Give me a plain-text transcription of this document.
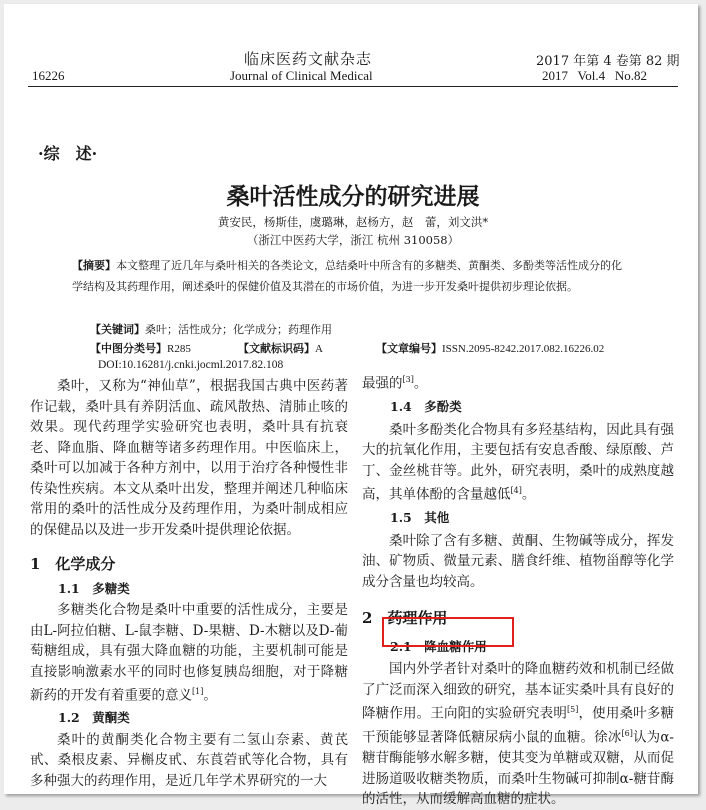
临床医药文献杂志
Journal of Clinical Medical
16226
2017 年第 4 卷第 82 期
2017   Vol.4   No.82
·综　述·
桑叶活性成分的研究进展
黄安民，杨斯佳，虞璐琳，赵杨方，赵　蕾，刘文洪*
（浙江中医药大学，浙江 杭州 310058）
【摘要】本文整理了近几年与桑叶相关的各类论文，总结桑叶中所含有的多糖类、黄酮类、多酚类等活性成分的化学结构及其药理作用，阐述桑叶的保健价值及其潜在的市场价值，为进一步开发桑叶提供初步理论依据。
【关键词】桑叶；活性成分；化学成分；药理作用
【中图分类号】R285	【文献标识码】A	【文章编号】ISSN.2095-8242.2017.082.16226.02
DOI:10.16281/j.cnki.jocml.2017.82.108

桑叶，又称为“神仙草”，根据我国古典中医药著作记载，桑叶具有养阴活血、疏风散热、清肺止咳的效果。现代药理学实验研究也表明，桑叶具有抗衰老、降血脂、降血糖等诸多药理作用。中医临床上，桑叶可以加减于各种方剂中，以用于治疗各种慢性非传染性疾病。本文从桑叶出发，整理并阐述几种临床常用的桑叶的活性成分及药理作用，为桑叶制成相应的保健品以及进一步开发桑叶提供理论依据。

1　化学成分
1.1　多糖类

多糖类化合物是桑叶中重要的活性成分，主要是由L-阿拉伯糖、L-鼠李糖、D-果糖、D-木糖以及D-葡萄糖组成，具有强大降血糖的功能，主要机制可能是直接影响激素水平的同时也修复胰岛细胞，对于降糖新药的开发有着重要的意义[1]。

1.2　黄酮类

桑叶的黄酮类化合物主要有二氢山奈素、黄芪甙、桑根皮素、异槲皮甙、东莨菪甙等化合物，具有多种强大的药理作用，是近几年学术界研究的一大

最强的[3]。
1.4　多酚类

桑叶多酚类化合物具有多羟基结构，因此具有强大的抗氧化作用，主要包括有安息香酸、绿原酸、芦丁、金丝桃苷等。此外，研究表明，桑叶的成熟度越高，其单体酚的含量越低[4]。

1.5　其他

桑叶除了含有多糖、黄酮、生物碱等成分，挥发油、矿物质、微量元素、膳食纤维、植物甾醇等化学成分含量也均较高。

2　药理作用
2.1　降血糖作用

国内外学者针对桑叶的降血糖药效和机制已经做了广泛而深入细致的研究，基本证实桑叶具有良好的降糖作用。王向阳的实验研究表明[5]，使用桑叶多糖干预能够显著降低糖尿病小鼠的血糖。徐冰[6]认为α-糖苷酶能够水解多糖，使其变为单糖或双糖，从而促进肠道吸收糖类物质，而桑叶生物碱可抑制α-糖苷酶的活性，从而缓解高血糖的症状。
